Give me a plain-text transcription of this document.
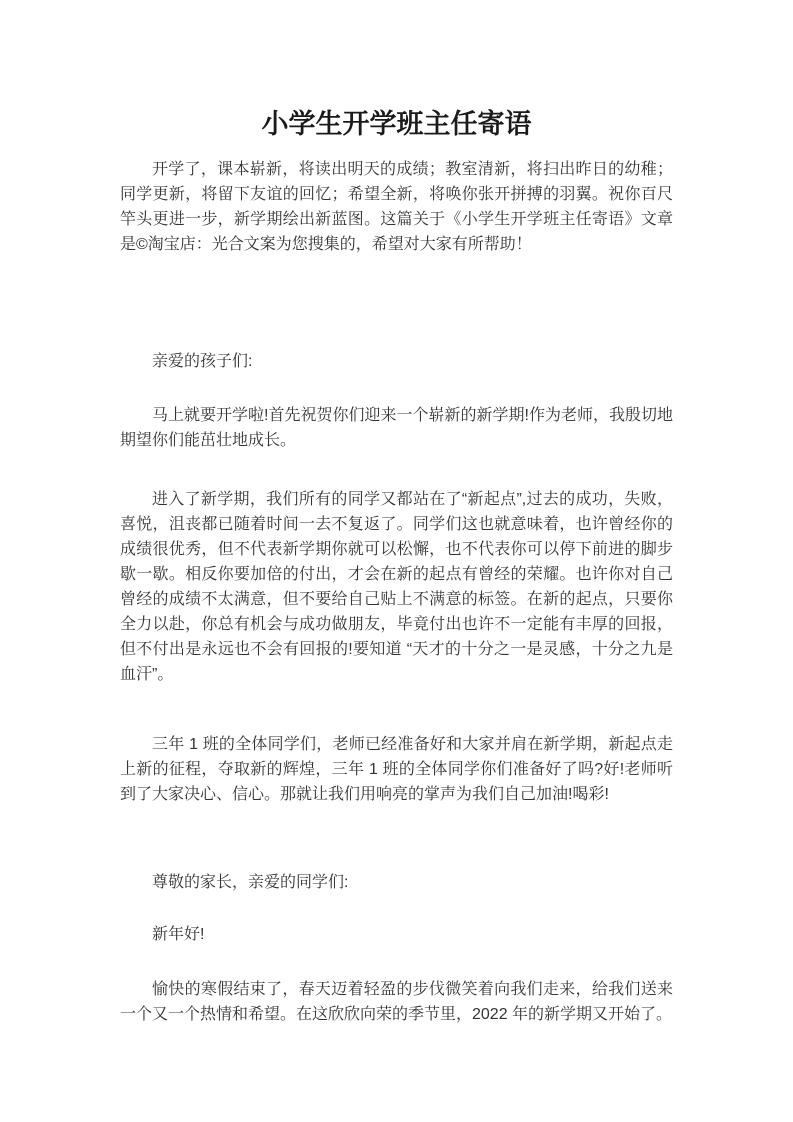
小学生开学班主任寄语

开学了，课本崭新，将读出明天的成绩；教室清新，将扫出昨日的幼稚；同学更新，将留下友谊的回忆；希望全新，将唤你张开拼搏的羽翼。祝你百尺竿头更进一步，新学期绘出新蓝图。这篇关于《小学生开学班主任寄语》文章是©淘宝店：光合文案为您搜集的，希望对大家有所帮助！

亲爱的孩子们:

马上就要开学啦!首先祝贺你们迎来一个崭新的新学期!作为老师，我殷切地期望你们能茁壮地成长。

进入了新学期，我们所有的同学又都站在了“新起点”,过去的成功，失败，喜悦，沮丧都已随着时间一去不复返了。同学们这也就意味着，也许曾经你的成绩很优秀，但不代表新学期你就可以松懈，也不代表你可以停下前进的脚步歇一歇。相反你要加倍的付出，才会在新的起点有曾经的荣耀。也许你对自己曾经的成绩不太满意，但不要给自己贴上不满意的标签。在新的起点，只要你全力以赴，你总有机会与成功做朋友，毕竟付出也许不一定能有丰厚的回报，但不付出是永远也不会有回报的!要知道 “天才的十分之一是灵感，十分之九是血汗”。

三年 1 班的全体同学们，老师已经准备好和大家并肩在新学期，新起点走上新的征程，夺取新的辉煌，三年 1 班的全体同学你们准备好了吗?好!老师听到了大家决心、信心。那就让我们用响亮的掌声为我们自己加油!喝彩!

尊敬的家长，亲爱的同学们:

新年好!

愉快的寒假结束了，春天迈着轻盈的步伐微笑着向我们走来，给我们送来一个又一个热情和希望。在这欣欣向荣的季节里，2022 年的新学期又开始了。
